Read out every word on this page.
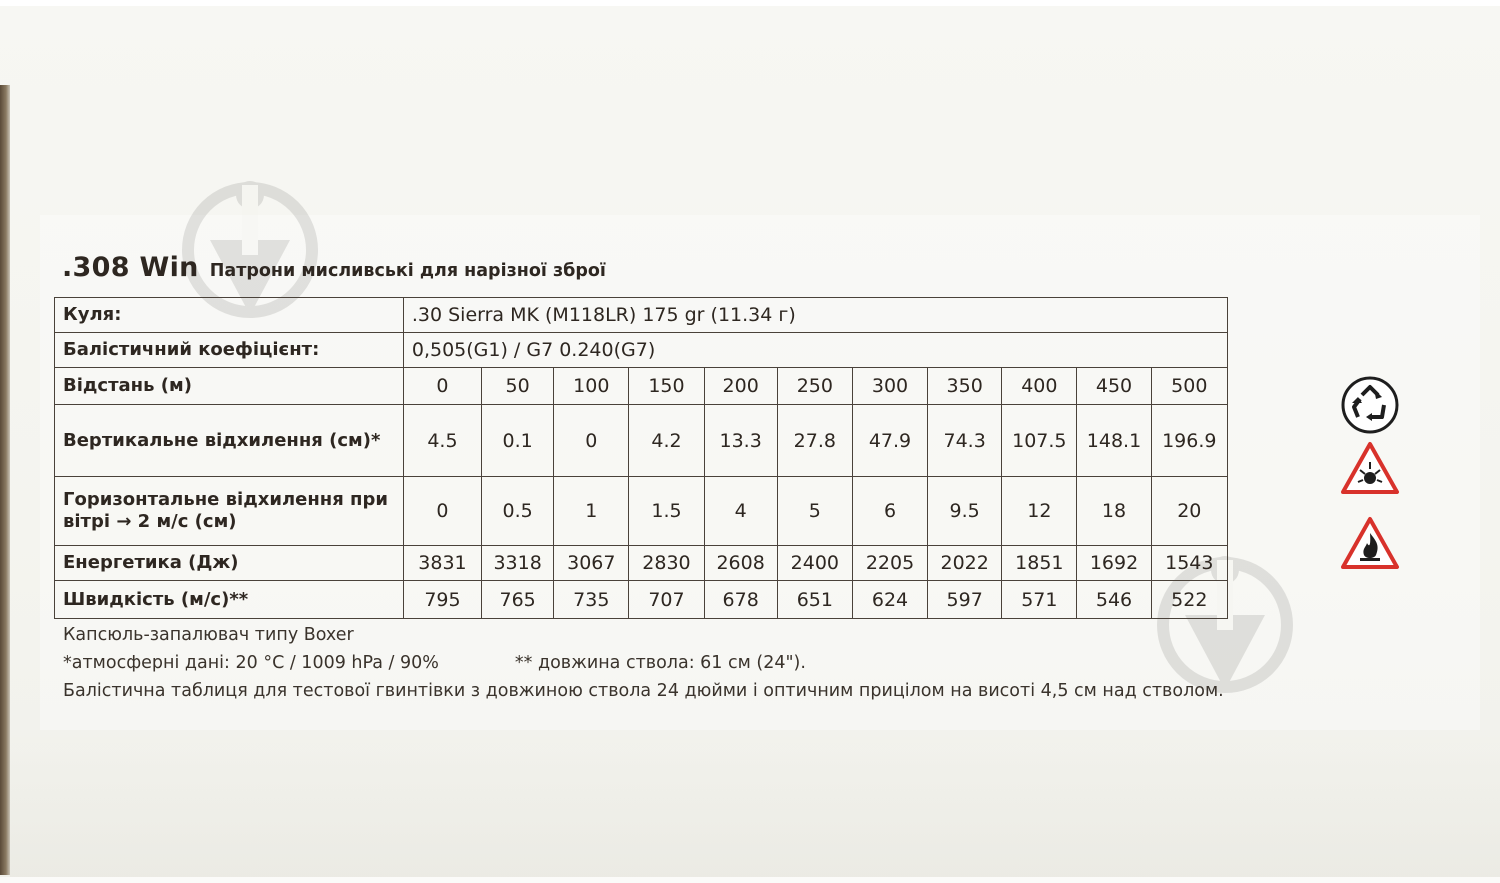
.308 Win Патрони мисливські для нарізної зброї
Куля:	.30 Sierra MK (M118LR) 175 gr (11.34 г)										
Балістичний коефіцієнт:	0,505(G1) / G7 0.240(G7)										
Відстань (м)	0	50	100	150	200	250	300	350	400	450	500
Вертикальне відхилення (см)*	4.5	0.1	0	4.2	13.3	27.8	47.9	74.3	107.5	148.1	196.9
Горизонтальне відхилення при вітрі → 2 м/с (см)	0	0.5	1	1.5	4	5	6	9.5	12	18	20
Енергетика (Дж)	3831	3318	3067	2830	2608	2400	2205	2022	1851	1692	1543
Швидкість (м/с)**	795	765	735	707	678	651	624	597	571	546	522
Капсюль-запалювач типу Boxer
*атмосферні дані: 20 °C / 1009 hPa / 90%	** довжина ствола: 61 см (24").
Балістична таблиця для тестової гвинтівки з довжиною ствола 24 дюйми і оптичним прицілом на висоті 4,5 см над стволом.
